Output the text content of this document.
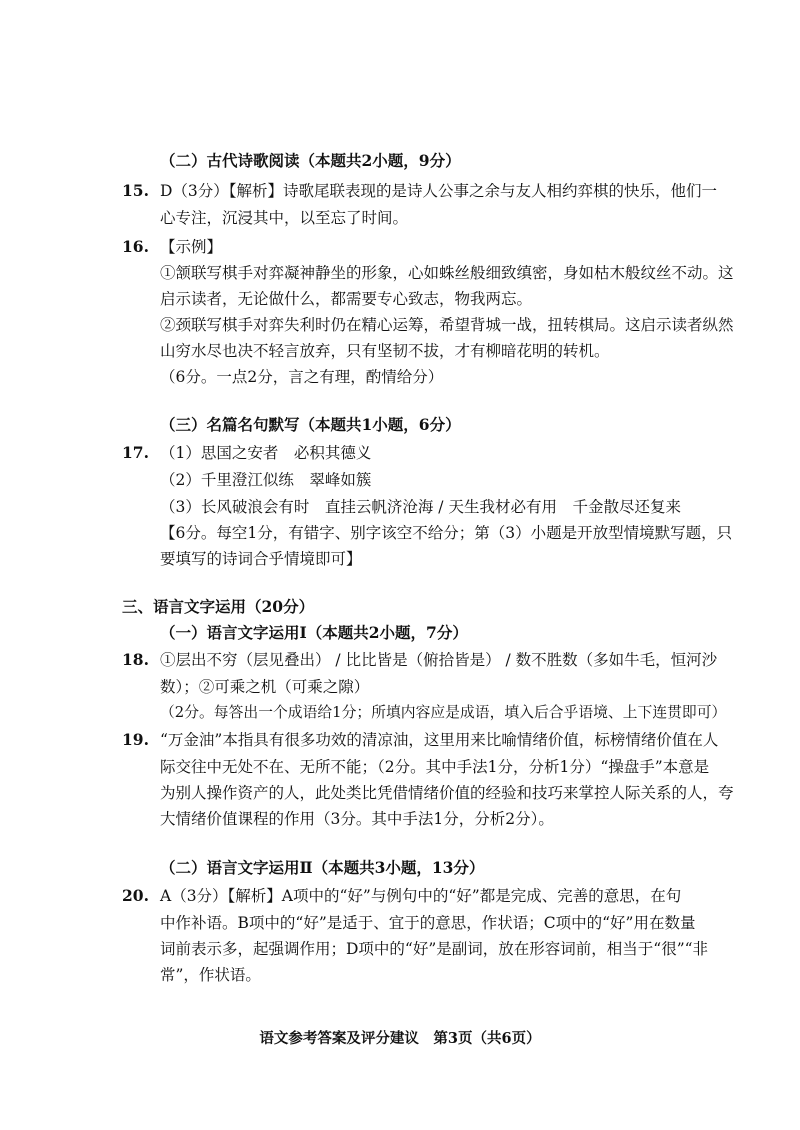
（二）古代诗歌阅读（本题共2小题，9分）
15. D（3分）【解析】诗歌尾联表现的是诗人公事之余与友人相约弈棋的快乐，他们一
心专注，沉浸其中，以至忘了时间。
16. 【示例】
①颔联写棋手对弈凝神静坐的形象，心如蛛丝般细致缜密，身如枯木般纹丝不动。这
启示读者，无论做什么，都需要专心致志，物我两忘。
②颈联写棋手对弈失利时仍在精心运筹，希望背城一战，扭转棋局。这启示读者纵然
山穷水尽也决不轻言放弃，只有坚韧不拔，才有柳暗花明的转机。
（6分。一点2分，言之有理，酌情给分）
（三）名篇名句默写（本题共1小题，6分）
17. （1）思国之安者　必积其德义
（2）千里澄江似练　翠峰如簇
（3）长风破浪会有时　直挂云帆济沧海 / 天生我材必有用　千金散尽还复来
【6分。每空1分，有错字、别字该空不给分；第（3）小题是开放型情境默写题，只
要填写的诗词合乎情境即可】
三、语言文字运用（20分）
（一）语言文字运用Ⅰ（本题共2小题，7分）
18. ①层出不穷（层见叠出） / 比比皆是（俯拾皆是） / 数不胜数（多如牛毛，恒河沙
数）；②可乘之机（可乘之隙）
（2分。每答出一个成语给1分；所填内容应是成语，填入后合乎语境、上下连贯即可）
19. “万金油”本指具有很多功效的清凉油，这里用来比喻情绪价值，标榜情绪价值在人
际交往中无处不在、无所不能；（2分。其中手法1分，分析1分）“操盘手”本意是
为别人操作资产的人，此处类比凭借情绪价值的经验和技巧来掌控人际关系的人，夸
大情绪价值课程的作用（3分。其中手法1分，分析2分）。
（二）语言文字运用Ⅱ（本题共3小题，13分）
20. A（3分）【解析】A项中的“好”与例句中的“好”都是完成、完善的意思，在句
中作补语。B项中的“好”是适于、宜于的意思，作状语；C项中的“好”用在数量
词前表示多，起强调作用；D项中的“好”是副词，放在形容词前，相当于“很”“非
常”，作状语。
语文参考答案及评分建议　第3页（共6页）
